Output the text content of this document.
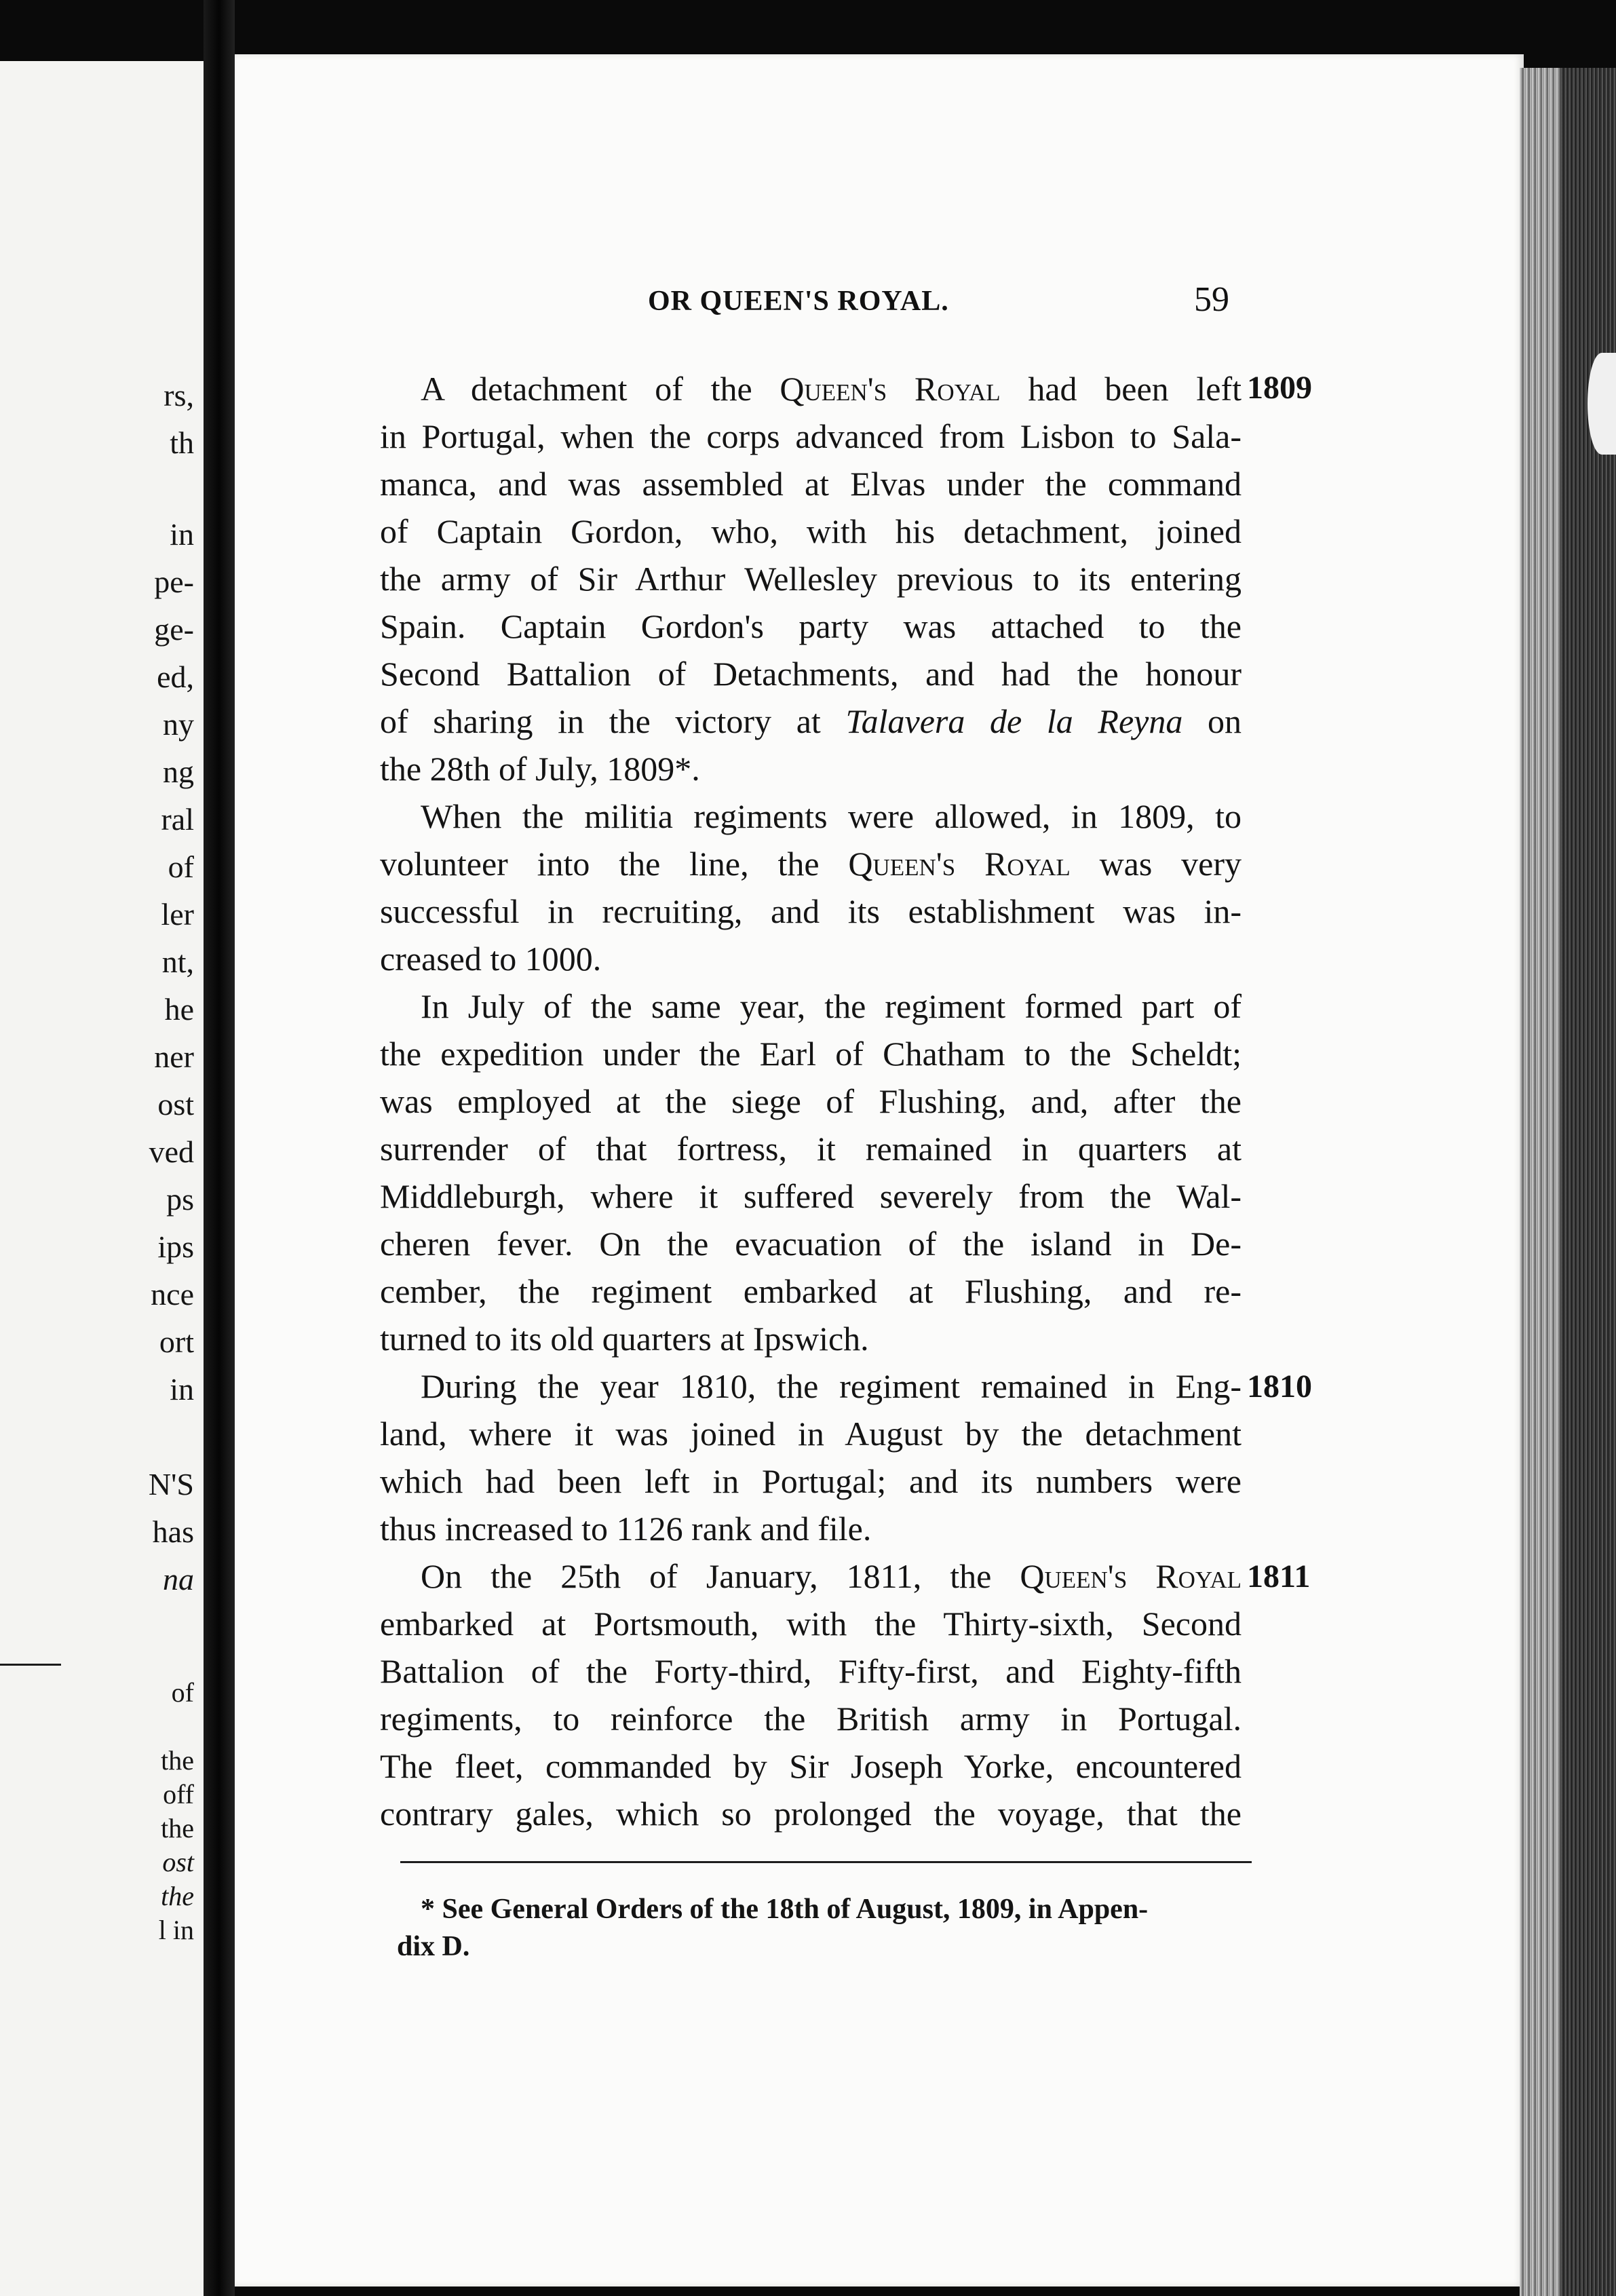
rs,
th
in
pe-
ge-
ed,
ny
ng
ral
of
ler
nt,
he
ner
ost
ved
ps
ips
nce
ort
in
N'S
has
na
of
the
off
the
ost
the
l in
OR QUEEN'S ROYAL.	59
A detachment of the Queen's Royal had been left 1809
in Portugal, when the corps advanced from Lisbon to Sala-
manca, and was assembled at Elvas under the command
of Captain Gordon, who, with his detachment, joined
the army of Sir Arthur Wellesley previous to its entering
Spain. Captain Gordon's party was attached to the
Second Battalion of Detachments, and had the honour
of sharing in the victory at Talavera de la Reyna on
the 28th of July, 1809*.
When the militia regiments were allowed, in 1809, to
volunteer into the line, the Queen's Royal was very
successful in recruiting, and its establishment was in-
creased to 1000.
In July of the same year, the regiment formed part of
the expedition under the Earl of Chatham to the Scheldt;
was employed at the siege of Flushing, and, after the
surrender of that fortress, it remained in quarters at
Middleburgh, where it suffered severely from the Wal-
cheren fever. On the evacuation of the island in De-
cember, the regiment embarked at Flushing, and re-
turned to its old quarters at Ipswich.
During the year 1810, the regiment remained in Eng- 1810
land, where it was joined in August by the detachment
which had been left in Portugal; and its numbers were
thus increased to 1126 rank and file.
On the 25th of January, 1811, the Queen's Royal 1811
embarked at Portsmouth, with the Thirty-sixth, Second
Battalion of the Forty-third, Fifty-first, and Eighty-fifth
regiments, to reinforce the British army in Portugal.
The fleet, commanded by Sir Joseph Yorke, encountered
contrary gales, which so prolonged the voyage, that the
* See General Orders of the 18th of August, 1809, in Appen-
dix D.
